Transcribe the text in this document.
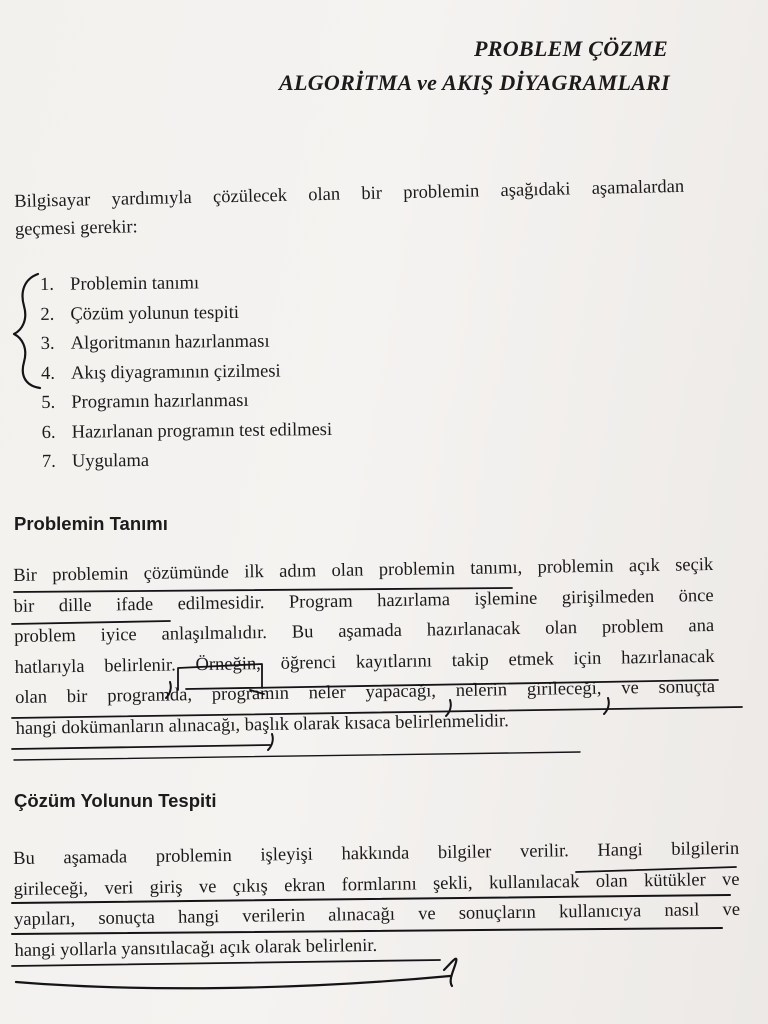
PROBLEM ÇÖZME
ALGORİTMA ve AKIŞ DİYAGRAMLARI
Bilgisayar yardımıyla çözülecek olan bir problemin aşağıdaki aşamalardan
geçmesi gerekir:
1. Problemin tanımı
2. Çözüm yolunun tespiti
3. Algoritmanın hazırlanması
4. Akış diyagramının çizilmesi
5. Programın hazırlanması
6. Hazırlanan programın test edilmesi
7. Uygulama
Problemin Tanımı
Bir problemin çözümünde ilk adım olan problemin tanımı, problemin açık seçik
bir dille ifade edilmesidir. Program hazırlama işlemine girişilmeden önce
problem iyice anlaşılmalıdır. Bu aşamada hazırlanacak olan problem ana
hatlarıyla belirlenir. Örneğin, öğrenci kayıtlarını takip etmek için hazırlanacak
olan bir programda, programın neler yapacağı, nelerin girileceği, ve sonuçta
hangi dokümanların alınacağı, başlık olarak kısaca belirlenmelidir.
Çözüm Yolunun Tespiti
Bu aşamada problemin işleyişi hakkında bilgiler verilir. Hangi bilgilerin
girileceği, veri giriş ve çıkış ekran formlarını şekli, kullanılacak olan kütükler ve
yapıları, sonuçta hangi verilerin alınacağı ve sonuçların kullanıcıya nasıl ve
hangi yollarla yansıtılacağı açık olarak belirlenir.
